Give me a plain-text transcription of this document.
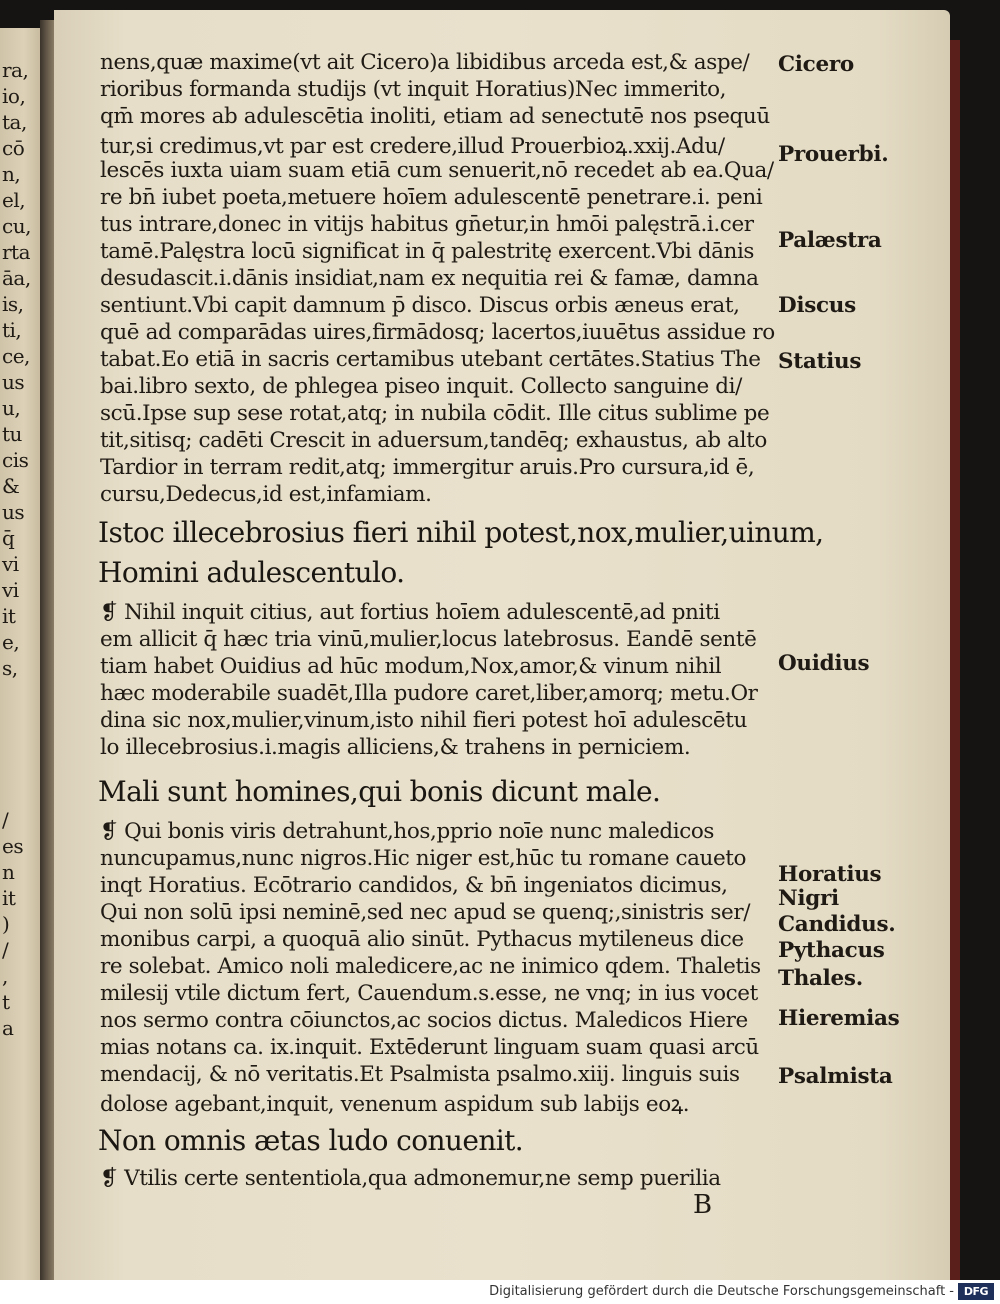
ra,
io,
ta,
cō
n,
el,
cu,
rta
āa,
is,
ti,
ce,
us
u,
tu
cis
&
us
q̄
vi
vi
it
e,
s,
/
es
n
it
)
/
,
t
a
nens,quæ maxime(vt ait Cicero)a libidibus arceda est,& aspe/
rioribus formanda studijs (vt inquit Horatius)Nec immerito,
qm̄ mores ab adulescētia inoliti, etiam ad senectutē nos psequū
tur,si credimus,vt par est credere,illud Prouerbioꝝ.xxij.Adu/
lescēs iuxta uiam suam etiā cum senuerit,nō recedet ab ea.Qua/
re bn̄ iubet poeta,metuere hoīem adulescentē penetrare.i. peni
tus intrare,donec in vitijs habitus gn̄etur,in hmōi palęstrā.i.cer
tamē.Palęstra locū significat in q̄ palestritę exercent.Vbi dānis
desudascit.i.dānis insidiat,nam ex nequitia rei & famæ, damna
sentiunt.Vbi capit damnum p̄ disco. Discus orbis æneus erat,
quē ad comparādas uires,firmādosq; lacertos,iuuētus assidue ro
tabat.Eo etiā in sacris certamibus utebant certātes.Statius The
bai.libro sexto, de phlegea piseo inquit. Collecto sanguine di/
scū.Ipse sup sese rotat,atq; in nubila cōdit. Ille citus sublime pe
tit,sitisq; cadēti Crescit in aduersum,tandēq; exhaustus, ab alto
Tardior in terram redit,atq; immergitur aruis.Pro cursura,id ē,
cursu,Dedecus,id est,infamiam.
Istoc illecebrosius fieri nihil potest,nox,mulier,uinum,
Homini adulescentulo.
❡ Nihil inquit citius, aut fortius hoīem adulescentē,ad pniti
em allicit q̄ hæc tria vinū,mulier,locus latebrosus. Eandē sentē
tiam habet Ouidius ad hūc modum,Nox,amor,& vinum nihil
hæc moderabile suadēt,Illa pudore caret,liber,amorq; metu.Or
dina sic nox,mulier,vinum,isto nihil fieri potest hoī adulescētu
lo illecebrosius.i.magis alliciens,& trahens in perniciem.
Mali sunt homines,qui bonis dicunt male.
❡ Qui bonis viris detrahunt,hos,pprio noīe nunc maledicos
nuncupamus,nunc nigros.Hic niger est,hūc tu romane caueto
inqt Horatius. Ecōtrario candidos, & bn̄ ingeniatos dicimus,
Qui non solū ipsi neminē,sed nec apud se quenq;,sinistris ser/
monibus carpi, a quoquā alio sinūt. Pythacus mytileneus dice
re solebat. Amico noli maledicere,ac ne inimico qdem. Thaletis
milesij vtile dictum fert, Cauendum.s.esse, ne vnq; in ius vocet
nos sermo contra cōiunctos,ac socios dictus. Maledicos Hiere
mias notans ca. ix.inquit. Extēderunt linguam suam quasi arcū
mendacij, & nō veritatis.Et Psalmista psalmo.xiij. linguis suis
dolose agebant,inquit, venenum aspidum sub labijs eoꝝ.
Non omnis ætas ludo conuenit.
❡ Vtilis certe sententiola,qua admonemur,ne semp puerilia
B
Cicero
Prouerbi.
Palæstra
Discus
Statius
Ouidius
Horatius
Nigri
Candidus.
Pythacus
Thales.
Hieremias
Psalmista
Digitalisierung gefördert durch die Deutsche Forschungsgemeinschaft - DFG
